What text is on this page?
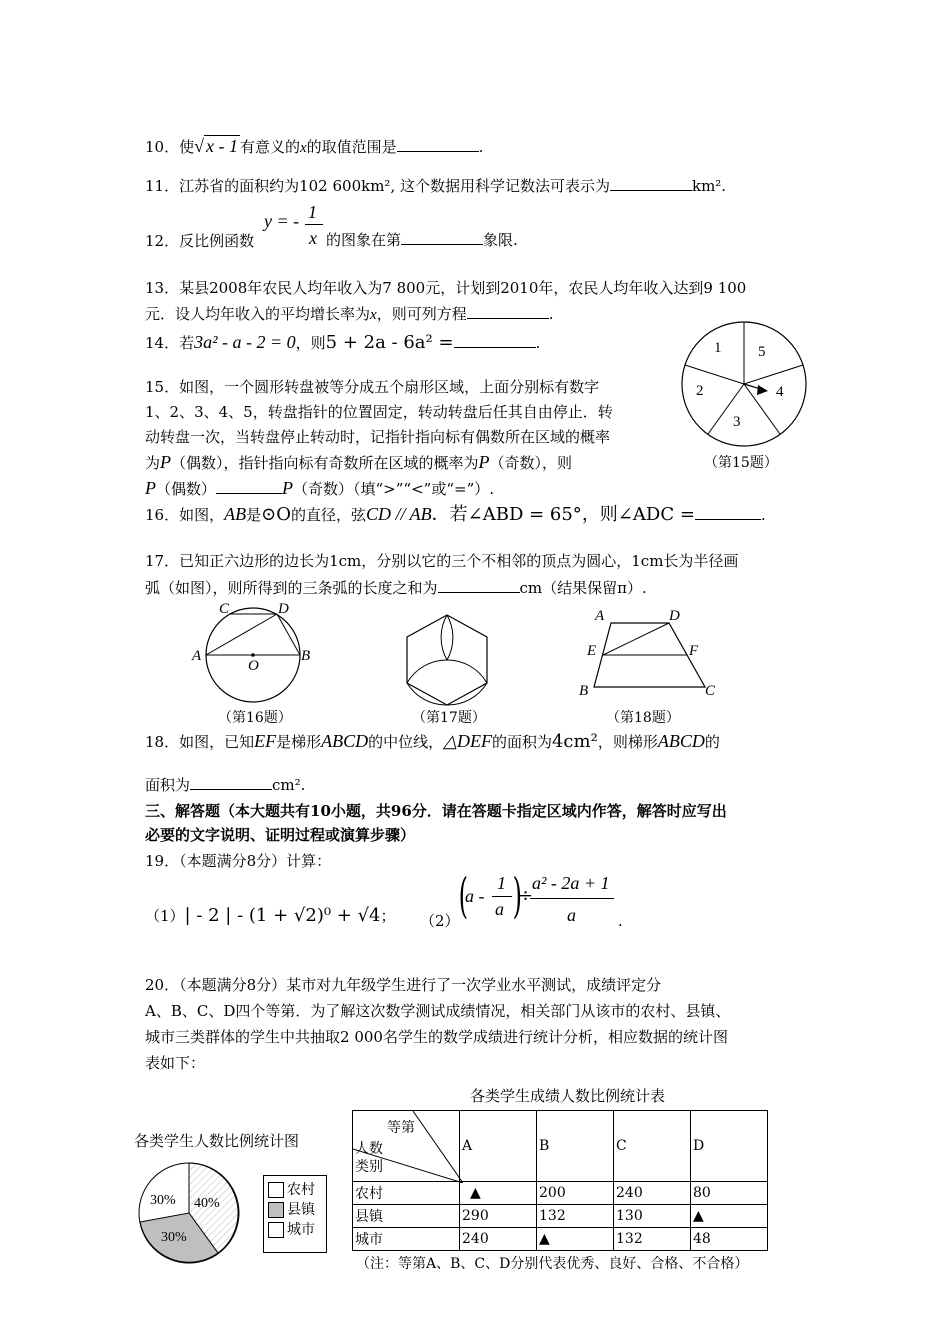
10．使√ x - 1 有意义的x的取值范围是	.
11．江苏省的面积约为102 600km², 这个数据用科学记数法可表示为	km².
12．反比例函数
y = - 1
x 的图象在第	象限.
13．某县2008年农民人均年收入为7 800元，计划到2010年，农民人均年收入达到9 100
元．设人均年收入的平均增长率为x，则可列方程	.
14．若3a² - a - 2 = 0，则5 + 2a - 6a² =	.
15．如图，一个圆形转盘被等分成五个扇形区域，上面分别标有数字
1、2、3、4、5，转盘指针的位置固定，转动转盘后任其自由停止．转
动转盘一次，当转盘停止转动时，记指针指向标有偶数所在区域的概率
为P（偶数），指针指向标有奇数所在区域的概率为P（奇数），则
P（偶数）	P（奇数）（填“>”“<”或“=”）.
1 5
2	4
3
（第15题）
16．如图，AB是⊙O的直径，弦CD // AB．若∠ABD = 65°，则∠ADC =	.
17．已知正六边形的边长为1cm，分别以它的三个不相邻的顶点为圆心，1cm长为半径画
弧（如图），则所得到的三条弧的长度之和为	cm（结果保留π）.
C	D
A	B
O
（第16题）	（第17题）
A	D
E	F
B	C
（第18题）
18．如图，已知EF是梯形ABCD的中位线，△DEF的面积为4cm²，则梯形ABCD的
面积为	cm².
三、解答题（本大题共有10小题，共96分．请在答题卡指定区域内作答，解答时应写出
必要的文字说明、证明过程或演算步骤）
19．（本题满分8分）计算：
（1）| - 2 | - (1 + √2)⁰ + √4； （2） (
a -
1
a )
÷
a² - 2a + 1
a	.
20．（本题满分8分）某市对九年级学生进行了一次学业水平测试，成绩评定分
A、B、C、D四个等第．为了解这次数学测试成绩情况，相关部门从该市的农村、县镇、
城市三类群体的学生中共抽取2 000名学生的数学成绩进行统计分析，相应数据的统计图
表如下：
各类学生人数比例统计图
30% 40%
30%
农村
县镇
城市
各类学生成绩人数比例统计表
等第
人数
类别	A	B	C	D
农村	▲	200	240	80
县镇	290	132	130	▲
城市	240	▲	132	48
（注：等第A、B、C、D分别代表优秀、良好、合格、不合格）
